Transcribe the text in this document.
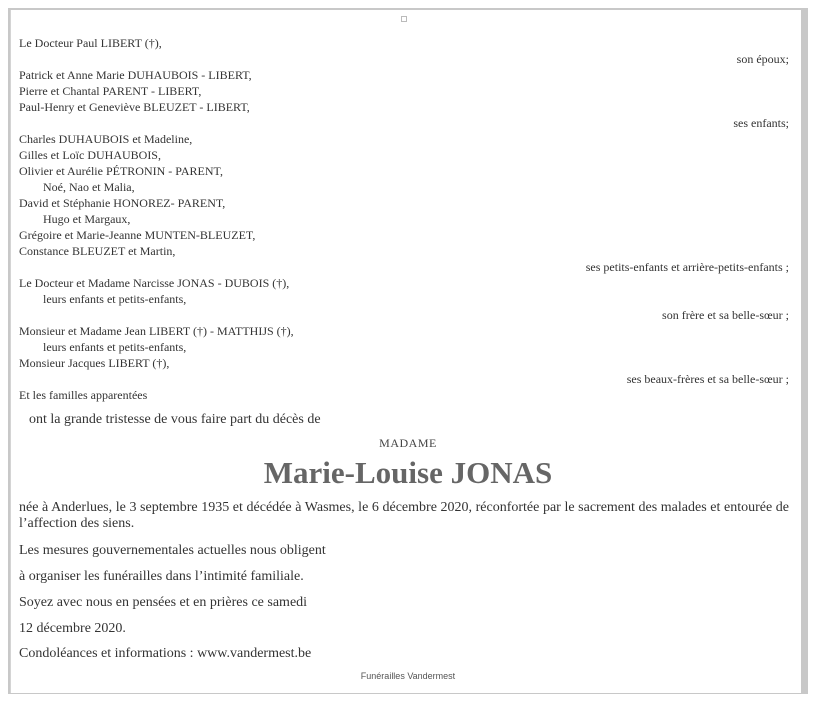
Le Docteur Paul LIBERT (†),
son époux;
Patrick et Anne Marie DUHAUBOIS - LIBERT,
Pierre et Chantal PARENT - LIBERT,
Paul-Henry et Geneviève BLEUZET - LIBERT,
ses enfants;
Charles DUHAUBOIS et Madeline,
Gilles et Loïc DUHAUBOIS,
Olivier et Aurélie PÉTRONIN - PARENT,
Noé, Nao et Malia,
David et Stéphanie HONOREZ- PARENT,
Hugo et Margaux,
Grégoire et Marie-Jeanne MUNTEN-BLEUZET,
Constance BLEUZET et Martin,
ses petits-enfants et arrière-petits-enfants ;
Le Docteur et Madame Narcisse JONAS - DUBOIS (†),
leurs enfants et petits-enfants,
son frère et sa belle-sœur ;
Monsieur et Madame Jean LIBERT (†) - MATTHIJS (†),
leurs enfants et petits-enfants,
Monsieur Jacques LIBERT (†),
ses beaux-frères et sa belle-sœur ;
Et les familles apparentées
ont la grande tristesse de vous faire part du décès de
MADAME
Marie-Louise JONAS
née à Anderlues, le 3 septembre 1935 et décédée à Wasmes, le 6 décembre 2020, réconfortée par le sacrement des malades et entourée de l’affection des siens.
Les mesures gouvernementales actuelles nous obligent
à organiser les funérailles dans l’intimité familiale.
Soyez avec nous en pensées et en prières ce samedi
12 décembre 2020.
Condoléances et informations : www.vandermest.be
Funérailles Vandermest
